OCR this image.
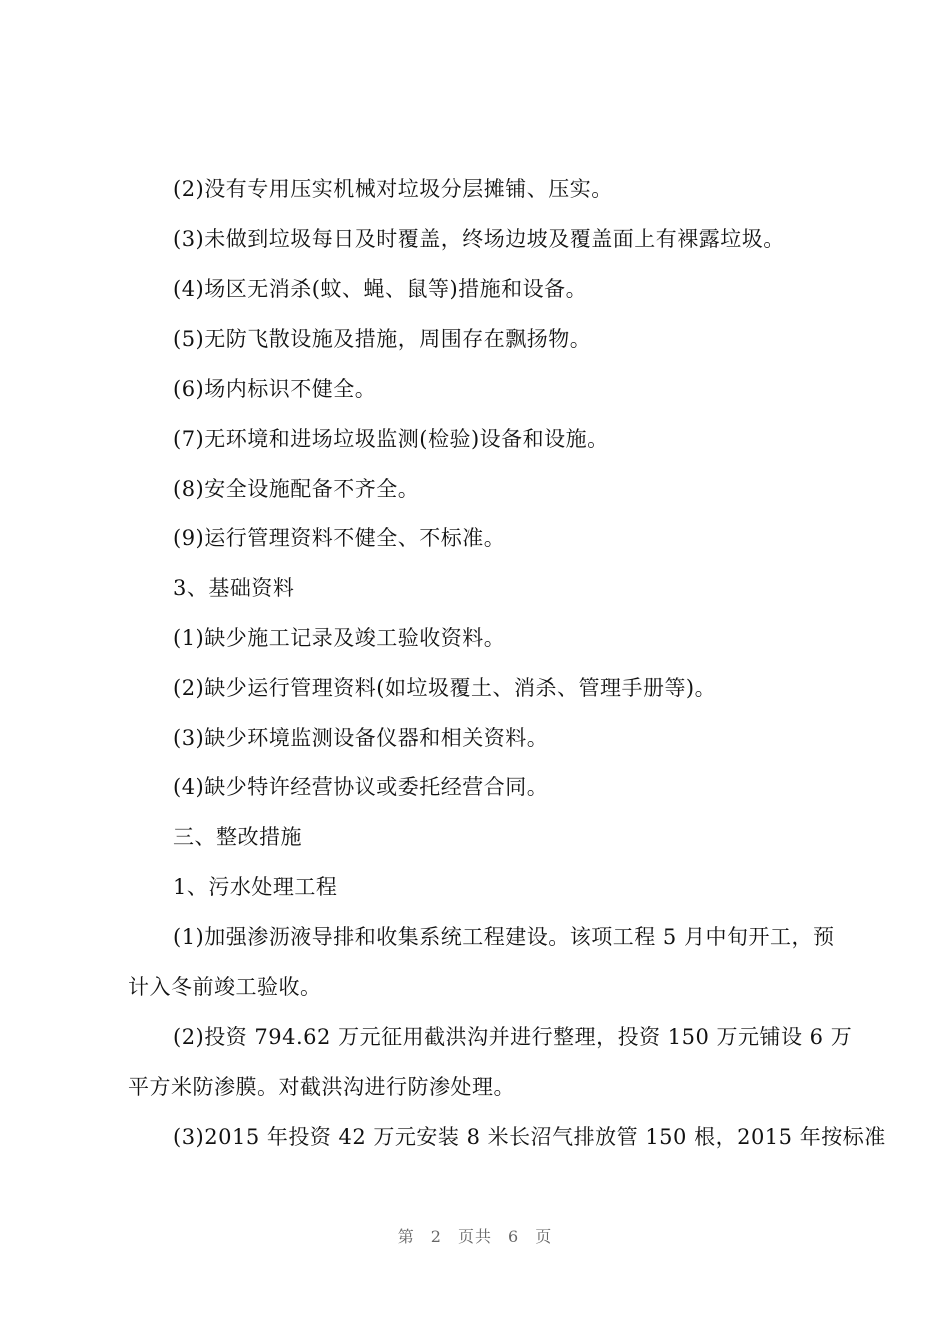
(2)没有专用压实机械对垃圾分层摊铺、压实。
(3)未做到垃圾每日及时覆盖，终场边坡及覆盖面上有裸露垃圾。
(4)场区无消杀(蚊、蝇、鼠等)措施和设备。
(5)无防飞散设施及措施，周围存在飘扬物。
(6)场内标识不健全。
(7)无环境和进场垃圾监测(检验)设备和设施。
(8)安全设施配备不齐全。
(9)运行管理资料不健全、不标准。
3、基础资料
(1)缺少施工记录及竣工验收资料。
(2)缺少运行管理资料(如垃圾覆土、消杀、管理手册等)。
(3)缺少环境监测设备仪器和相关资料。
(4)缺少特许经营协议或委托经营合同。
三、整改措施
1、污水处理工程
(1)加强渗沥液导排和收集系统工程建设。该项工程 5 月中旬开工，预
计入冬前竣工验收。
(2)投资 794.62 万元征用截洪沟并进行整理，投资 150 万元铺设 6 万
平方米防渗膜。对截洪沟进行防渗处理。
(3)2015 年投资 42 万元安装 8 米长沼气排放管 150 根，2015 年按标准
第 2 页共 6 页
